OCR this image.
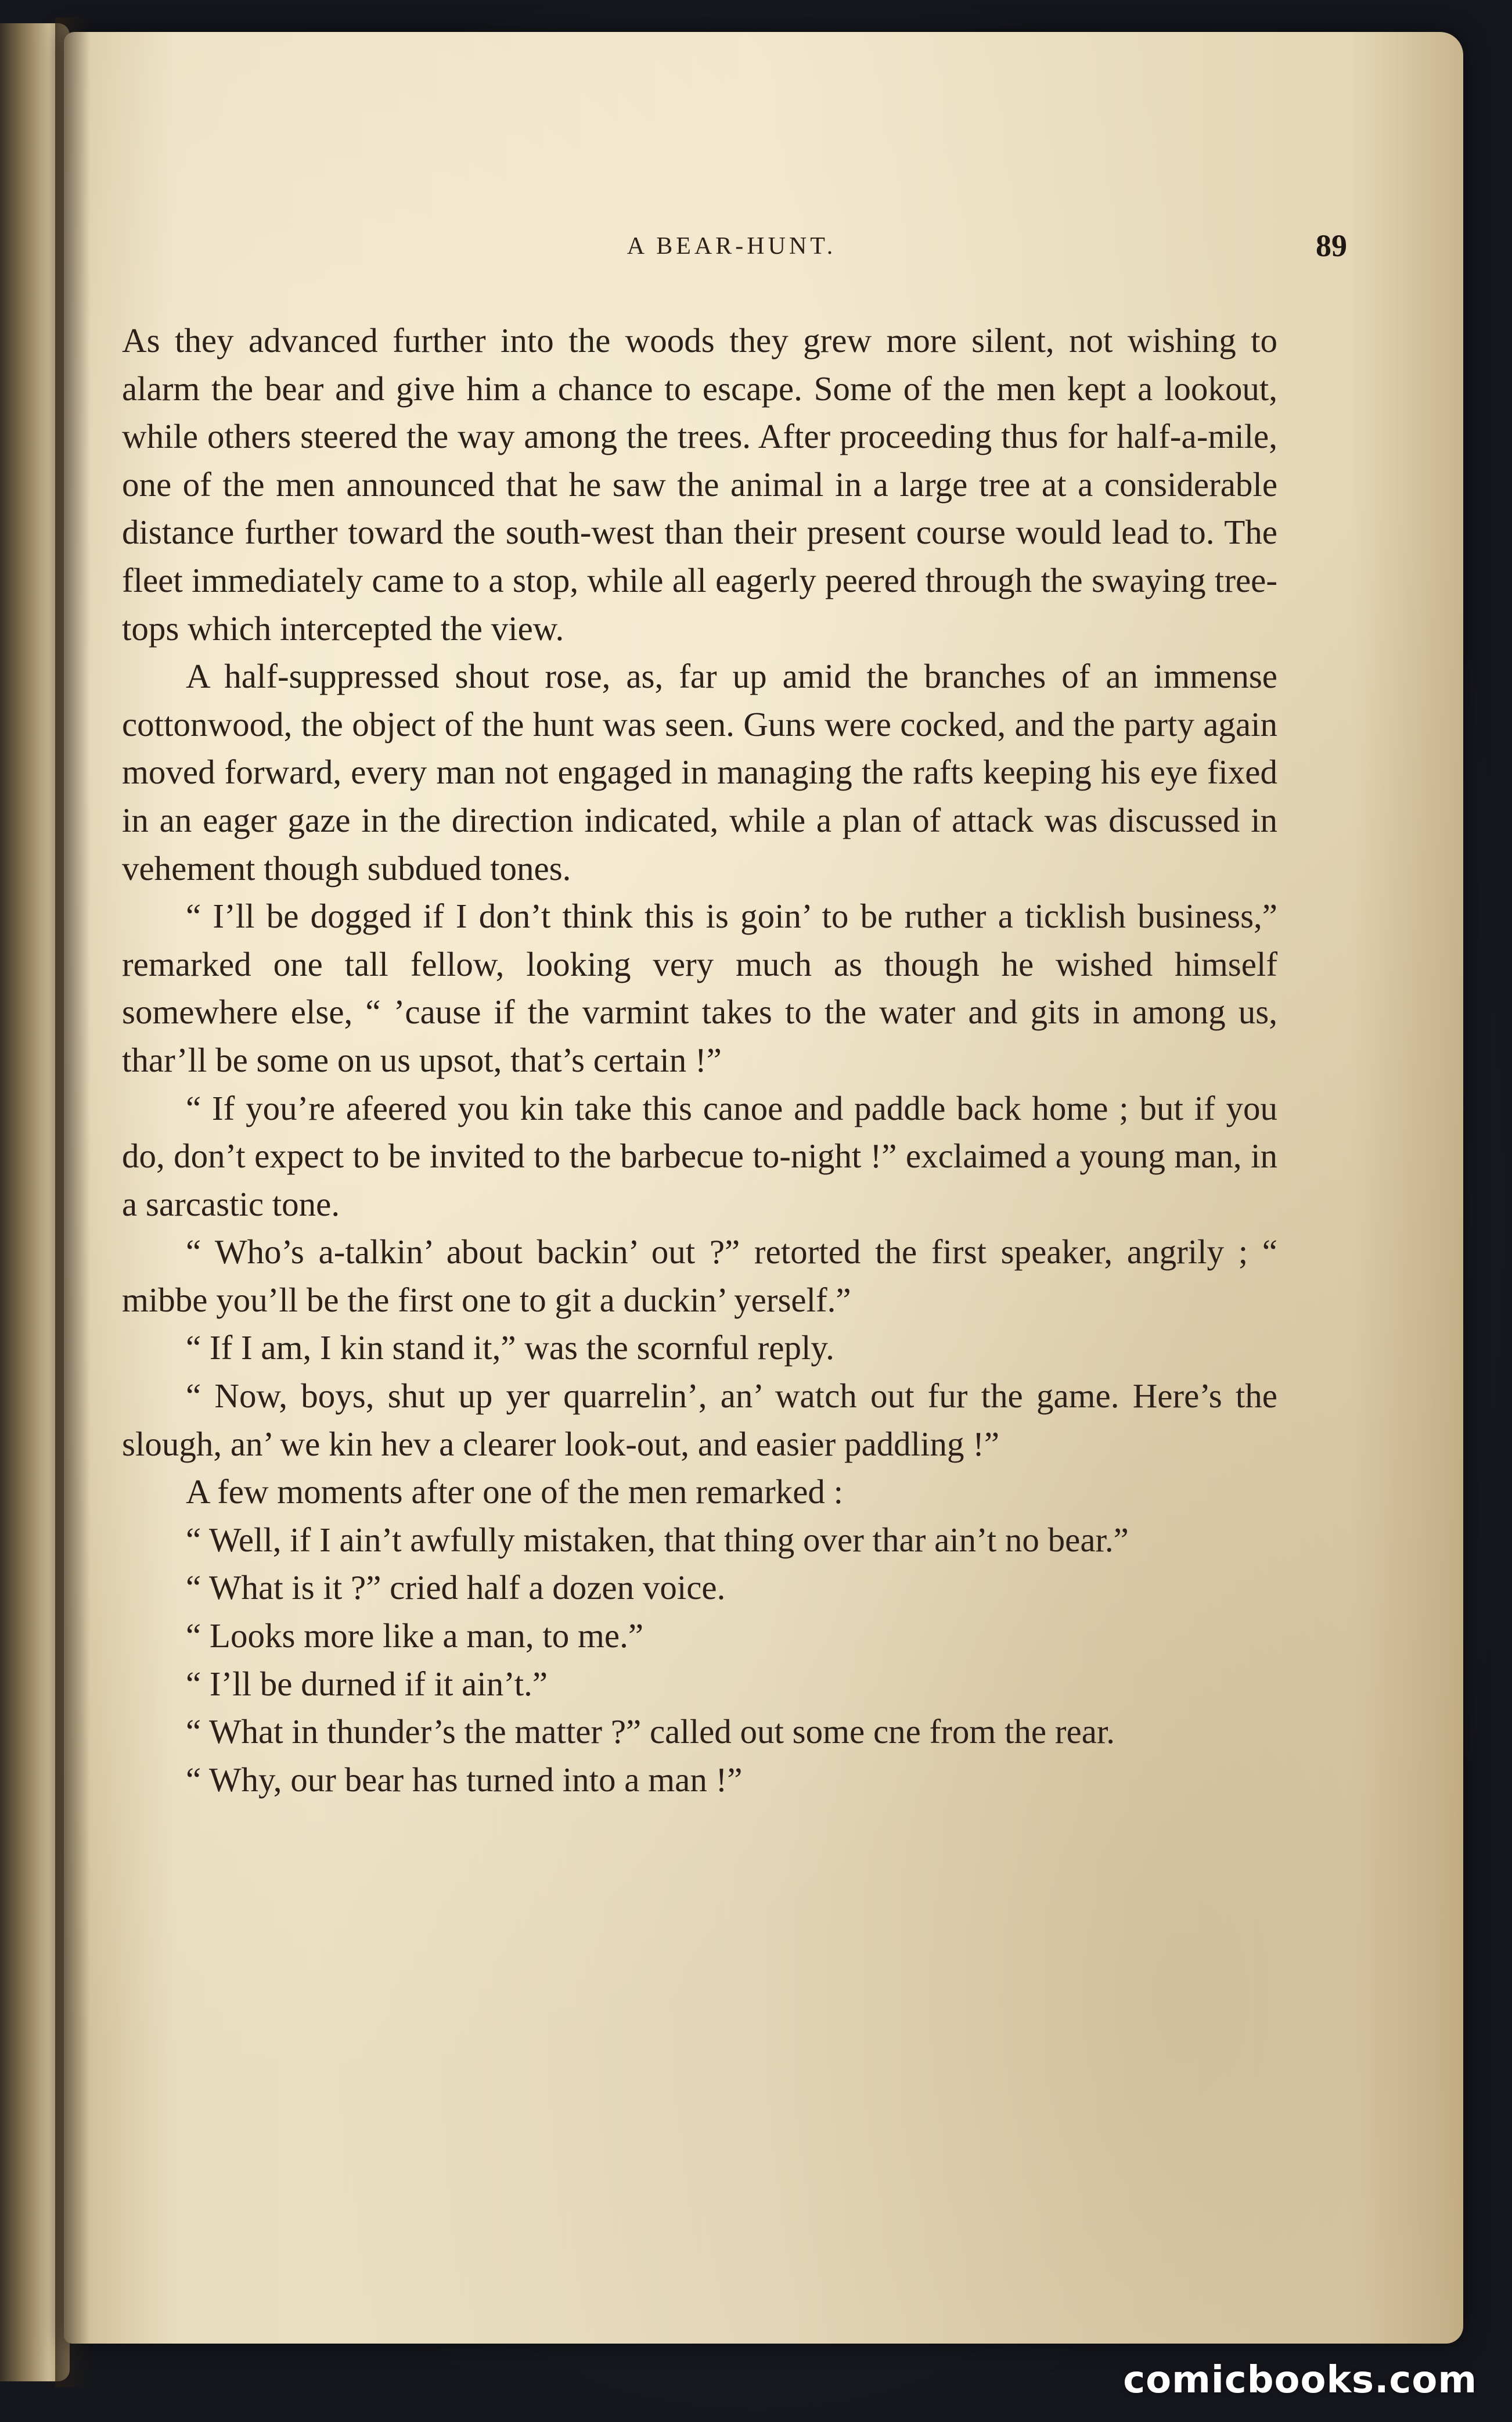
A BEAR-HUNT.	89

As they advanced further into the woods they grew more silent, not wishing to alarm the bear and give him a chance to escape. Some of the men kept a lookout, while others steered the way among the trees. After proceeding thus for half-a-mile, one of the men announced that he saw the animal in a large tree at a considerable distance further toward the south-west than their present course would lead to. The fleet immediately came to a stop, while all eagerly peered through the swaying tree-tops which intercepted the view.

A half-suppressed shout rose, as, far up amid the branches of an immense cottonwood, the object of the hunt was seen. Guns were cocked, and the party again moved forward, every man not engaged in managing the rafts keeping his eye fixed in an eager gaze in the direction indicated, while a plan of attack was discussed in vehement though subdued tones.

“ I’ll be dogged if I don’t think this is goin’ to be ruther a ticklish business,” remarked one tall fellow, looking very much as though he wished himself somewhere else, “ ’cause if the varmint takes to the water and gits in among us, thar’ll be some on us upsot, that’s certain !”

“ If you’re afeered you kin take this canoe and paddle back home ; but if you do, don’t expect to be invited to the barbecue to-night !” exclaimed a young man, in a sarcastic tone.

“ Who’s a-talkin’ about backin’ out ?” retorted the first speaker, angrily ; “ mibbe you’ll be the first one to git a duckin’ yerself.”

“ If I am, I kin stand it,” was the scornful reply.

“ Now, boys, shut up yer quarrelin’, an’ watch out fur the game. Here’s the slough, an’ we kin hev a clearer look-out, and easier paddling !”

A few moments after one of the men remarked :

“ Well, if I ain’t awfully mistaken, that thing over thar ain’t no bear.”

“ What is it ?” cried half a dozen voice.

“ Looks more like a man, to me.”

“ I’ll be durned if it ain’t.”

“ What in thunder’s the matter ?” called out some cne from the rear.

“ Why, our bear has turned into a man !”

comicbooks.com
